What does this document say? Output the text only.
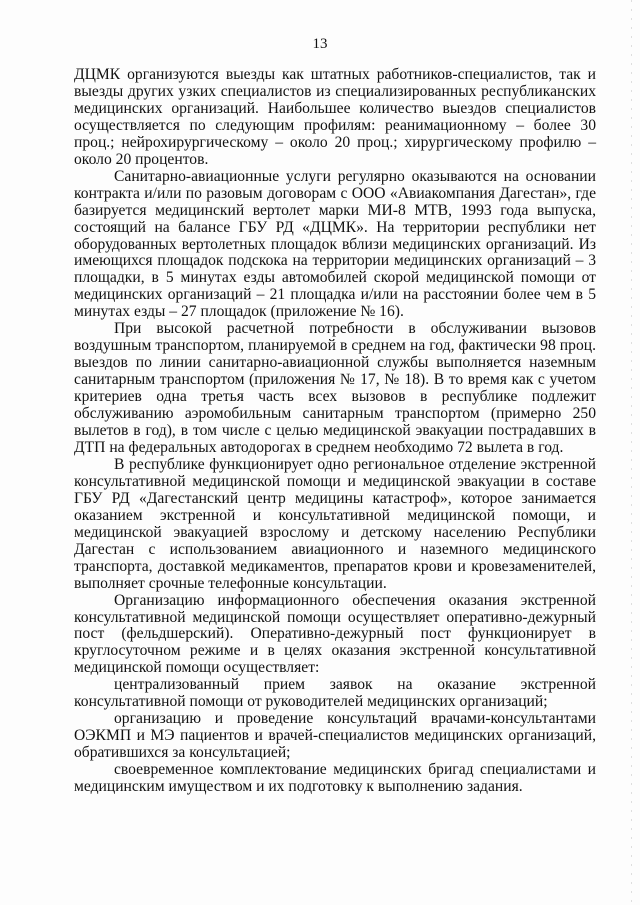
13

ДЦМК организуются выезды как штатных работников-специалистов, так и выезды других узких специалистов из специализированных республиканских медицинских организаций. Наибольшее количество выездов специалистов осуществляется по следующим профилям: реанимационному – более 30 проц.; нейрохирургическому – около 20 проц.; хирургическому профилю – около 20 процентов.

Санитарно-авиационные услуги регулярно оказываются на основании контракта и/или по разовым договорам с ООО «Авиакомпания Дагестан», где базируется медицинский вертолет марки МИ-8 МТВ, 1993 года выпуска, состоящий на балансе ГБУ РД «ДЦМК». На территории республики нет оборудованных вертолетных площадок вблизи медицинских организаций. Из имеющихся площадок подскока на территории медицинских организаций – 3 площадки, в 5 минутах езды автомобилей скорой медицинской помощи от медицинских организаций – 21 площадка и/или на расстоянии более чем в 5 минутах езды – 27 площадок (приложение № 16).

При высокой расчетной потребности в обслуживании вызовов воздушным транспортом, планируемой в среднем на год, фактически 98 проц. выездов по линии санитарно-авиационной службы выполняется наземным санитарным транспортом (приложения № 17, № 18). В то время как с учетом критериев одна третья часть всех вызовов в республике подлежит обслуживанию аэромобильным санитарным транспортом (примерно 250 вылетов в год), в том числе с целью медицинской эвакуации пострадавших в ДТП на федеральных автодорогах в среднем необходимо 72 вылета в год.

В республике функционирует одно региональное отделение экстренной консультативной медицинской помощи и медицинской эвакуации в составе ГБУ РД «Дагестанский центр медицины катастроф», которое занимается оказанием экстренной и консультативной медицинской помощи, и медицинской эвакуацией взрослому и детскому населению Республики Дагестан с использованием авиационного и наземного медицинского транспорта, доставкой медикаментов, препаратов крови и кровезаменителей, выполняет срочные телефонные консультации.

Организацию информационного обеспечения оказания экстренной консультативной медицинской помощи осуществляет оперативно-дежурный пост (фельдшерский). Оперативно-дежурный пост функционирует в круглосуточном режиме и в целях оказания экстренной консультативной медицинской помощи осуществляет:

централизованный прием заявок на оказание экстренной консультативной помощи от руководителей медицинских организаций;

организацию и проведение консультаций врачами-консультантами ОЭКМП и МЭ пациентов и врачей-специалистов медицинских организаций, обратившихся за консультацией;

своевременное комплектование медицинских бригад специалистами и медицинским имуществом и их подготовку к выполнению задания.
